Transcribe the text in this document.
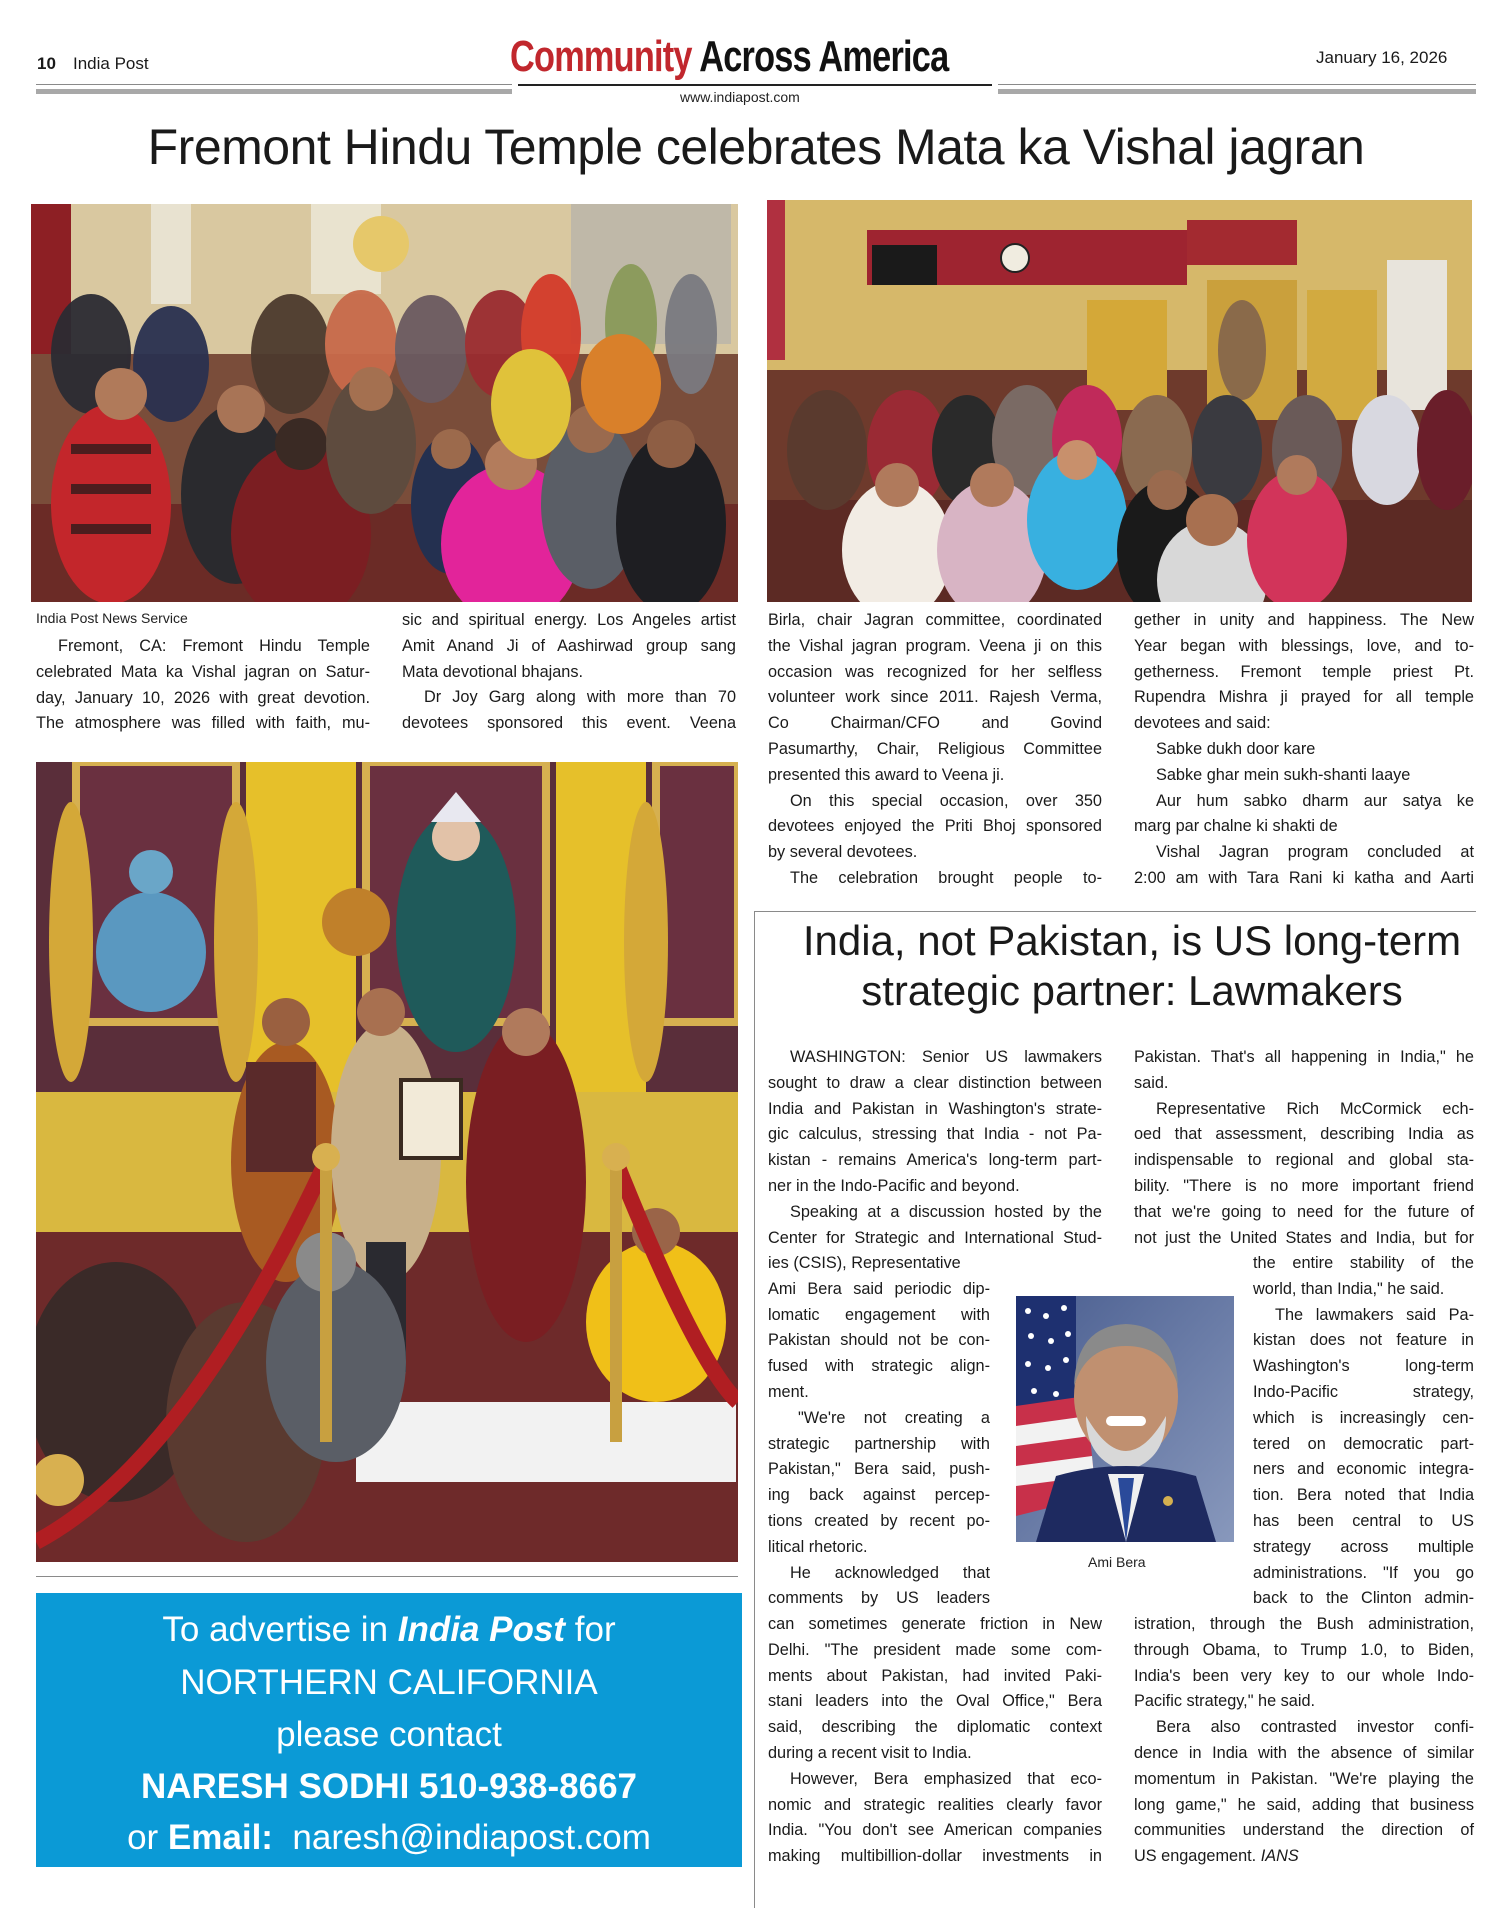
10 India Post	Community Across America
www.indiapost.com
January 16, 2026
Fremont Hindu Temple celebrates Mata ka Vishal jagran
India Post News Service
Fremont, CA: Fremont Hindu Temple
celebrated Mata ka Vishal jagran on Satur-
day, January 10, 2026 with great devotion.
The atmosphere was filled with faith, mu-
sic and spiritual energy. Los Angeles artist
Amit Anand Ji of Aashirwad group sang
Mata devotional bhajans.
Dr Joy Garg along with more than 70
devotees sponsored this event. Veena
Birla, chair Jagran committee, coordinated
the Vishal jagran program. Veena ji on this
occasion was recognized for her selfless
volunteer work since 2011. Rajesh Verma,
Co Chairman/CFO and Govind
Pasumarthy, Chair, Religious Committee
presented this award to Veena ji.
On this special occasion, over 350
devotees enjoyed the Priti Bhoj sponsored
by several devotees.
The celebration brought people to-
gether in unity and happiness. The New
Year began with blessings, love, and to-
getherness. Fremont temple priest Pt.
Rupendra Mishra ji prayed for all temple
devotees and said:
Sabke dukh door kare
Sabke ghar mein sukh-shanti laaye
Aur hum sabko dharm aur satya ke
marg par chalne ki shakti de
Vishal Jagran program concluded at
2:00 am with Tara Rani ki katha and Aarti
To advertise in India Post for
NORTHERN CALIFORNIA
please contact
NARESH SODHI 510-938-8667
or Email: naresh@indiapost.com
India, not Pakistan, is US long-term
strategic partner: Lawmakers
WASHINGTON: Senior US lawmakers
sought to draw a clear distinction between
India and Pakistan in Washington's strate-
gic calculus, stressing that India - not Pa-
kistan - remains America's long-term part-
ner in the Indo-Pacific and beyond.
Speaking at a discussion hosted by the
Center for Strategic and International Stud-
ies (CSIS), Representative
Ami Bera said periodic dip-
lomatic engagement with
Pakistan should not be con-
fused with strategic align-
ment.
"We're not creating a
strategic partnership with
Pakistan," Bera said, push-
ing back against percep-
tions created by recent po-
litical rhetoric.
He acknowledged that
comments by US leaders
can sometimes generate friction in New
Delhi. "The president made some com-
ments about Pakistan, had invited Paki-
stani leaders into the Oval Office," Bera
said, describing the diplomatic context
during a recent visit to India.
However, Bera emphasized that eco-
nomic and strategic realities clearly favor
India. "You don't see American companies
making multibillion-dollar investments in
Pakistan. That's all happening in India," he
said.
Representative Rich McCormick ech-
oed that assessment, describing India as
indispensable to regional and global sta-
bility. "There is no more important friend
that we're going to need for the future of
not just the United States and India, but for
the entire stability of the
world, than India," he said.
The lawmakers said Pa-
kistan does not feature in
Washington's long-term
Indo-Pacific strategy,
which is increasingly cen-
tered on democratic part-
ners and economic integra-
tion. Bera noted that India
has been central to US
strategy across multiple
administrations. "If you go
back to the Clinton admin-
istration, through the Bush administration,
through Obama, to Trump 1.0, to Biden,
India's been very key to our whole Indo-
Pacific strategy," he said.
Bera also contrasted investor confi-
dence in India with the absence of similar
momentum in Pakistan. "We're playing the
long game," he said, adding that business
communities understand the direction of
US engagement. IANS
Ami Bera
